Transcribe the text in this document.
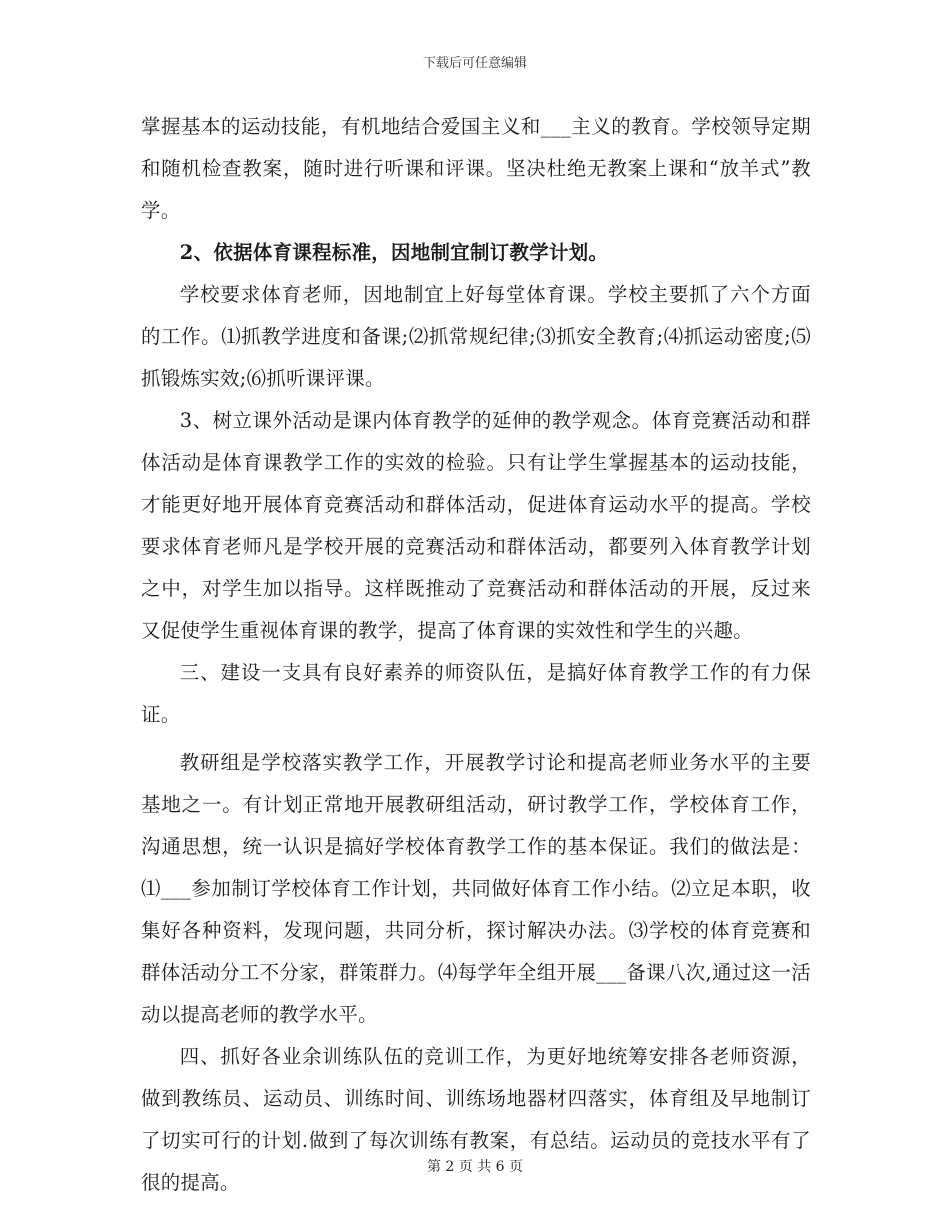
下载后可任意编辑

掌握基本的运动技能，有机地结合爱国主义和___主义的教育。学校领导定期和随机检查教案，随时进行听课和评课。坚决杜绝无教案上课和“放羊式”教学。

2、依据体育课程标准，因地制宜制订教学计划。

学校要求体育老师，因地制宜上好每堂体育课。学校主要抓了六个方面的工作。⑴抓教学进度和备课;⑵抓常规纪律;⑶抓安全教育;⑷抓运动密度;⑸抓锻炼实效;⑹抓听课评课。

3、树立课外活动是课内体育教学的延伸的教学观念。体育竞赛活动和群体活动是体育课教学工作的实效的检验。只有让学生掌握基本的运动技能，才能更好地开展体育竞赛活动和群体活动，促进体育运动水平的提高。学校要求体育老师凡是学校开展的竞赛活动和群体活动，都要列入体育教学计划之中，对学生加以指导。这样既推动了竞赛活动和群体活动的开展，反过来又促使学生重视体育课的教学，提高了体育课的实效性和学生的兴趣。

三、建设一支具有良好素养的师资队伍，是搞好体育教学工作的有力保证。

教研组是学校落实教学工作，开展教学讨论和提高老师业务水平的主要基地之一。有计划正常地开展教研组活动，研讨教学工作，学校体育工作，沟通思想，统一认识是搞好学校体育教学工作的基本保证。我们的做法是：⑴___参加制订学校体育工作计划，共同做好体育工作小结。⑵立足本职，收集好各种资料，发现问题，共同分析，探讨解决办法。⑶学校的体育竞赛和群体活动分工不分家，群策群力。⑷每学年全组开展___备课八次,通过这一活动以提高老师的教学水平。

四、抓好各业余训练队伍的竞训工作，为更好地统筹安排各老师资源，做到教练员、运动员、训练时间、训练场地器材四落实，体育组及早地制订了切实可行的计划.做到了每次训练有教案，有总结。运动员的竞技水平有了很的提高。

第 2 页 共 6 页
